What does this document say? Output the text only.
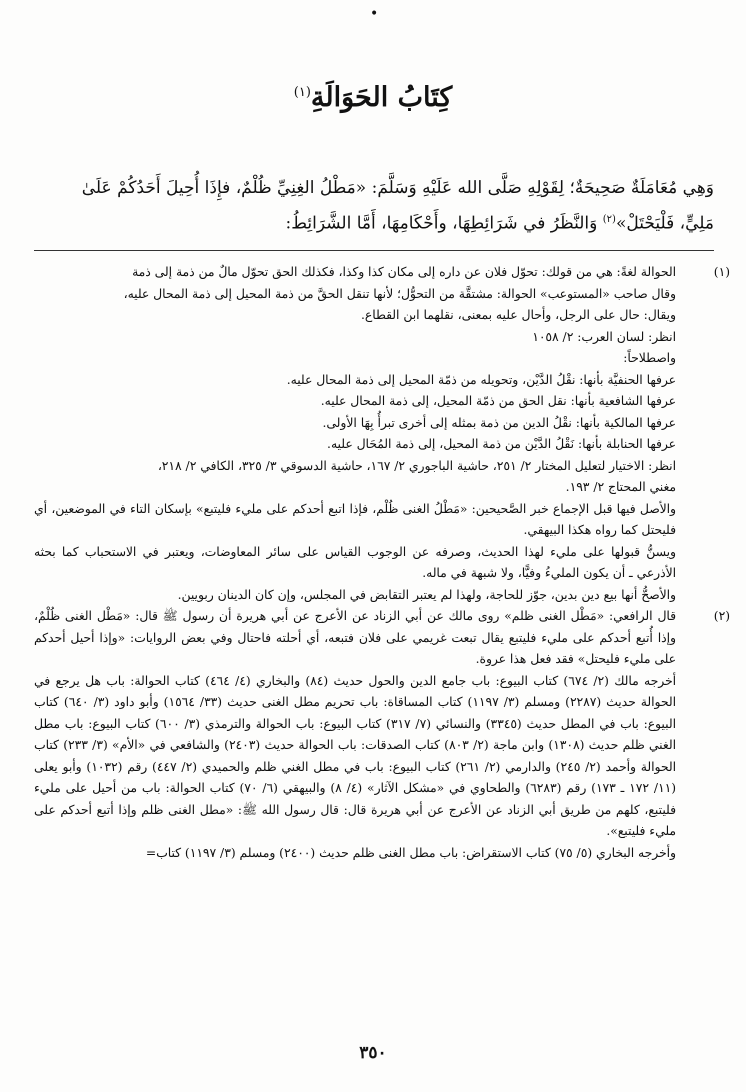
•
كِتَابُ الحَوَالَةِ$^{(١)}$

وَهِي مُعَامَلَةٌ صَحِيحَةٌ؛ لِقَوْلِهِ صَلَّى الله عَلَيْهِ وَسَلَّمَ: «مَطْلُ الغِنِيِّ ظُلْمٌ، فإِذَا أُحِيلَ أَحَدُكُمْ عَلَىٰ

مَلِيٍّ، فَلْيَحْتَلْ»$^{(٢)}$ وَالنَّظَرُ في شَرَائِطِهَا، وأَحْكَامِهَا، أَمَّا الشَّرَائِطُ:

(١)

الحوالة لغةً: هي من قولك: تحوّل فلان عن داره إلى مكان كذا وكذا، فكذلك الحق تحوّل مالٌ من ذمة إلى ذمة

وقال صاحب «المستوعب» الحوالة: مشتقَّة من التحوُّل؛ لأنها تنقل الحقَّ من ذمة المحيل إلى ذمة المحال عليه،

ويقال: حال على الرجل، وأحال عليه بمعنى، نقلهما ابن القطاع.

انظر: لسان العرب: ٢/ ١٠٥٨

واصطلاحاً:

عرفها الحنفيَّة بأنها: نقْلُ الدَّيْن، وتحويله من ذمّة المحيل إلى ذمة المحال عليه.

عرفها الشافعية بأنها: نقل الحق من ذمّة المحيل، إلى ذمة المحال عليه.

عرفها المالكية بأنها: نقْلُ الدين من ذمة بمثله إلى أخرى تبرأُ بِهَا الأولى.

عرفها الحنابلة بأنها: نَقْلُ الدَّيْن من ذمة المحيل، إلى ذمة المُحَال عليه.

انظر: الاختيار لتعليل المختار ٢/ ٢٥١، حاشية الباجوري ٢/ ١٦٧، حاشية الدسوقي ٣/ ٣٢٥، الكافي ٢/ ٢١٨،

مغني المحتاج ٢/ ١٩٣.

والأصل فيها قبل الإجماع خبر الصَّحيحين: «مَطْلُ الغنى ظُلْم، فإذا اتبع أحدكم على مليء فليتبع» بإسكان التاء في الموضعين، أي فليحتل كما رواه هكذا البيهقي.

ويسنُّ قبولها على مليء لهذا الحديث، وصرفه عن الوجوب القياس على سائر المعاوضات، ويعتبر في الاستحباب كما بحثه الأذرعي ـ أن يكون المليءُ وفيًّا، ولا شبهة في ماله.

والأصحُّ أنها بيع دين بدين، جوّز للحاجة، ولهذا لم يعتبر التقابض في المجلس، وإن كان الدينان ربويين.

(٢)

قال الرافعي: «مَطْل الغنى ظلم» روى مالك عن أبي الزناد عن الأعرج عن أبي هريرة أن رسول ﷺ قال: «مَطْل الغنى ظُلْمٌ، وإذا أُتبع أحدكم على مليء فليتبع يقال تبعت غريمي على فلان فتبعه، أي أحلته فاحتال وفي بعض الروايات: «وإذا أحيل أحدكم على مليء فليحتل» فقد فعل هذا عروة.

أخرجه مالك (٢/ ٦٧٤) كتاب البيوع: باب جامع الدين والحول حديث (٨٤) والبخاري (٤/ ٤٦٤) كتاب الحوالة: باب هل يرجع في الحوالة حديث (٢٢٨٧) ومسلم (٣/ ١١٩٧) كتاب المساقاة: باب تحريم مطل الغنى حديث (٣٣/ ١٥٦٤) وأبو داود (٣/ ٦٤٠) كتاب البيوع: باب في المطل حديث (٣٣٤٥) والنسائي (٧/ ٣١٧) كتاب البيوع: باب الحوالة والترمذي (٣/ ٦٠٠) كتاب البيوع: باب مطل الغني ظلم حديث (١٣٠٨) وابن ماجة (٢/ ٨٠٣) كتاب الصدقات: باب الحوالة حديث (٢٤٠٣) والشافعي في «الأم» (٣/ ٢٣٣) كتاب الحوالة وأحمد (٢/ ٢٤٥) والدارمي (٢/ ٢٦١) كتاب البيوع: باب في مطل الغني ظلم والحميدي (٢/ ٤٤٧) رقم (١٠٣٢) وأبو يعلى (١١/ ١٧٢ ـ ١٧٣) رقم (٦٢٨٣) والطحاوي في «مشكل الآثار» (٤/ ٨) والبيهقي (٦/ ٧٠) كتاب الحوالة: باب من أحيل على مليء فليتبع، كلهم من طريق أبي الزناد عن الأعرج عن أبي هريرة قال: قال رسول الله ﷺ: «مطل الغنى ظلم وإذا أتبع أحدكم على مليء فليتبع».

وأخرجه البخاري (٥/ ٧٥) كتاب الاستقراض: باب مطل الغنى ظلم حديث (٢٤٠٠) ومسلم (٣/ ١١٩٧) كتاب=

٣٥٠
